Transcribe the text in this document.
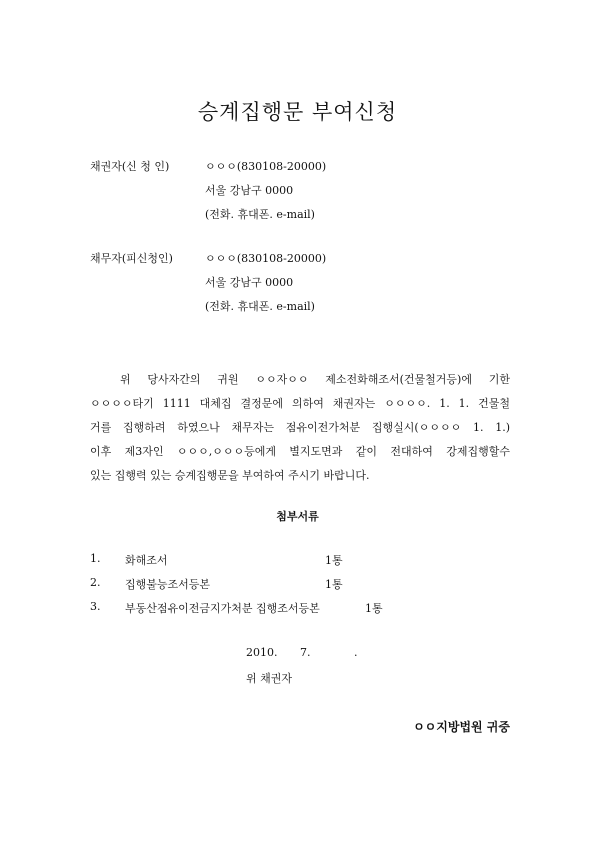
승계집행문 부여신청
채권자(신 청 인)	ㅇㅇㅇ(830108-20000)
서울 강남구 0000
(전화. 휴대폰. e-mail)
채무자(피신청인)	ㅇㅇㅇ(830108-20000)
서울 강남구 0000
(전화. 휴대폰. e-mail)
위 당사자간의 귀원 ㅇㅇ자ㅇㅇ 제소전화해조서(건물철거등)에 기한
ㅇㅇㅇㅇ타기 1111 대체집 결정문에 의하여 채권자는 ㅇㅇㅇㅇ. 1. 1. 건물철
거를 집행하려 하였으나 채무자는 점유이전가처분 집행실시(ㅇㅇㅇㅇ 1. 1.)
이후 제3자인 ㅇㅇㅇ,ㅇㅇㅇ등에게 별지도면과 같이 전대하여 강제집행할수
있는 집행력 있는 승계집행문을 부여하여 주시기 바랍니다.
첨부서류
1. 화해조서	1통
2. 집행불능조서등본	1통
3. 부동산점유이전금지가처분 집행조서등본	1통
2010. 7.	.
위 채권자
ㅇㅇ지방법원 귀중
